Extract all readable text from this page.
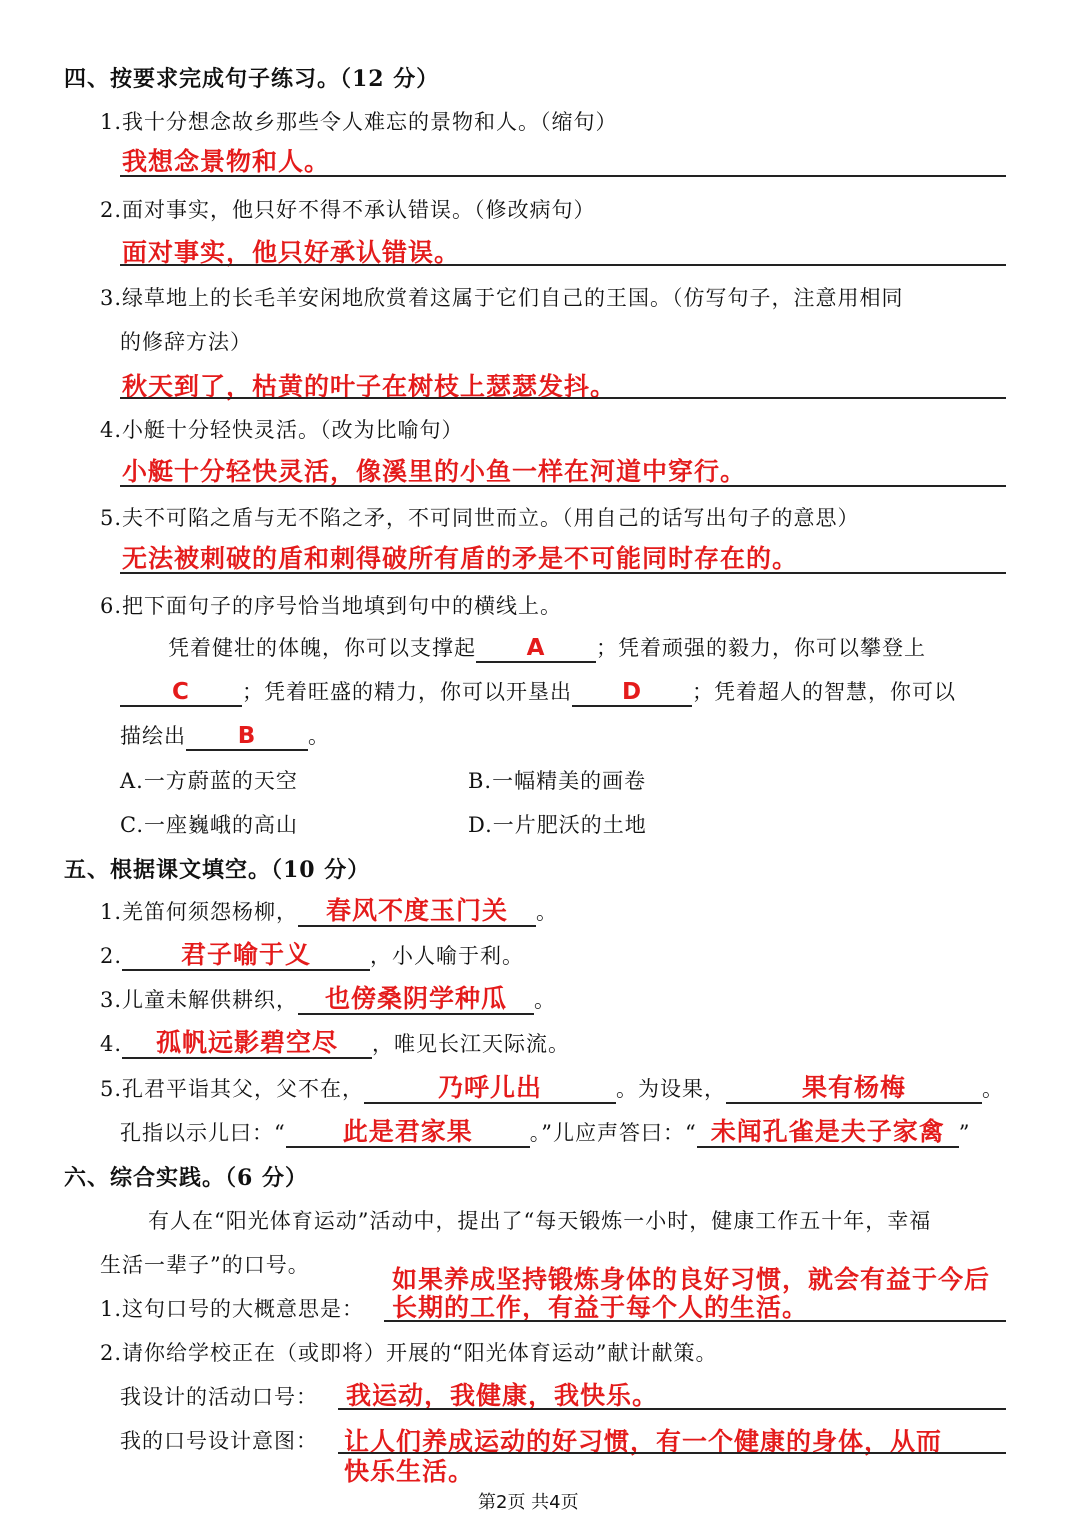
四、按要求完成句子练习。（12 分）
1.我十分想念故乡那些令人难忘的景物和人。（缩句）
我想念景物和人。
2.面对事实，他只好不得不承认错误。（修改病句）
面对事实，他只好承认错误。
3.绿草地上的长毛羊安闲地欣赏着这属于它们自己的王国。（仿写句子，注意用相同
的修辞方法）
秋天到了，枯黄的叶子在树枝上瑟瑟发抖。
4.小艇十分轻快灵活。（改为比喻句）
小艇十分轻快灵活，像溪里的小鱼一样在河道中穿行。
5.夫不可陷之盾与无不陷之矛，不可同世而立。（用自己的话写出句子的意思）
无法被刺破的盾和刺得破所有盾的矛是不可能同时存在的。
6.把下面句子的序号恰当地填到句中的横线上。
凭着健壮的体魄，你可以支撑起 A ；凭着顽强的毅力，你可以攀登上
C ；凭着旺盛的精力，你可以开垦出 D ；凭着超人的智慧，你可以
描绘出 B 。
A.一方蔚蓝的天空	B.一幅精美的画卷
C.一座巍峨的高山	D.一片肥沃的土地
五、根据课文填空。（10 分）
1.羌笛何须怨杨柳， 春风不度玉门关 。
2. 君子喻于义	，小人喻于利。
3.儿童未解供耕织， 也傍桑阴学种瓜 。
4. 孤帆远影碧空尽 ，唯见长江天际流。
5.孔君平诣其父，父不在，	乃呼儿出	。为设果，	果有杨梅	。
孔指以示儿曰：“ 此是君家果	。”儿应声答曰：“ 未闻孔雀是夫子家禽 ”
六、综合实践。（6 分）
有人在“阳光体育运动”活动中，提出了“每天锻炼一小时，健康工作五十年，幸福
生活一辈子”的口号。	如果养成坚持锻炼身体的良好习惯，就会有益于今后
1.这句口号的大概意思是： 长期的工作，有益于每个人的生活。
2.请你给学校正在（或即将）开展的“阳光体育运动”献计献策。
我设计的活动口号： 我运动，我健康，我快乐。
我的口号设计意图： 让人们养成运动的好习惯，有一个健康的身体，从而
快乐生活。
第2页 共4页
